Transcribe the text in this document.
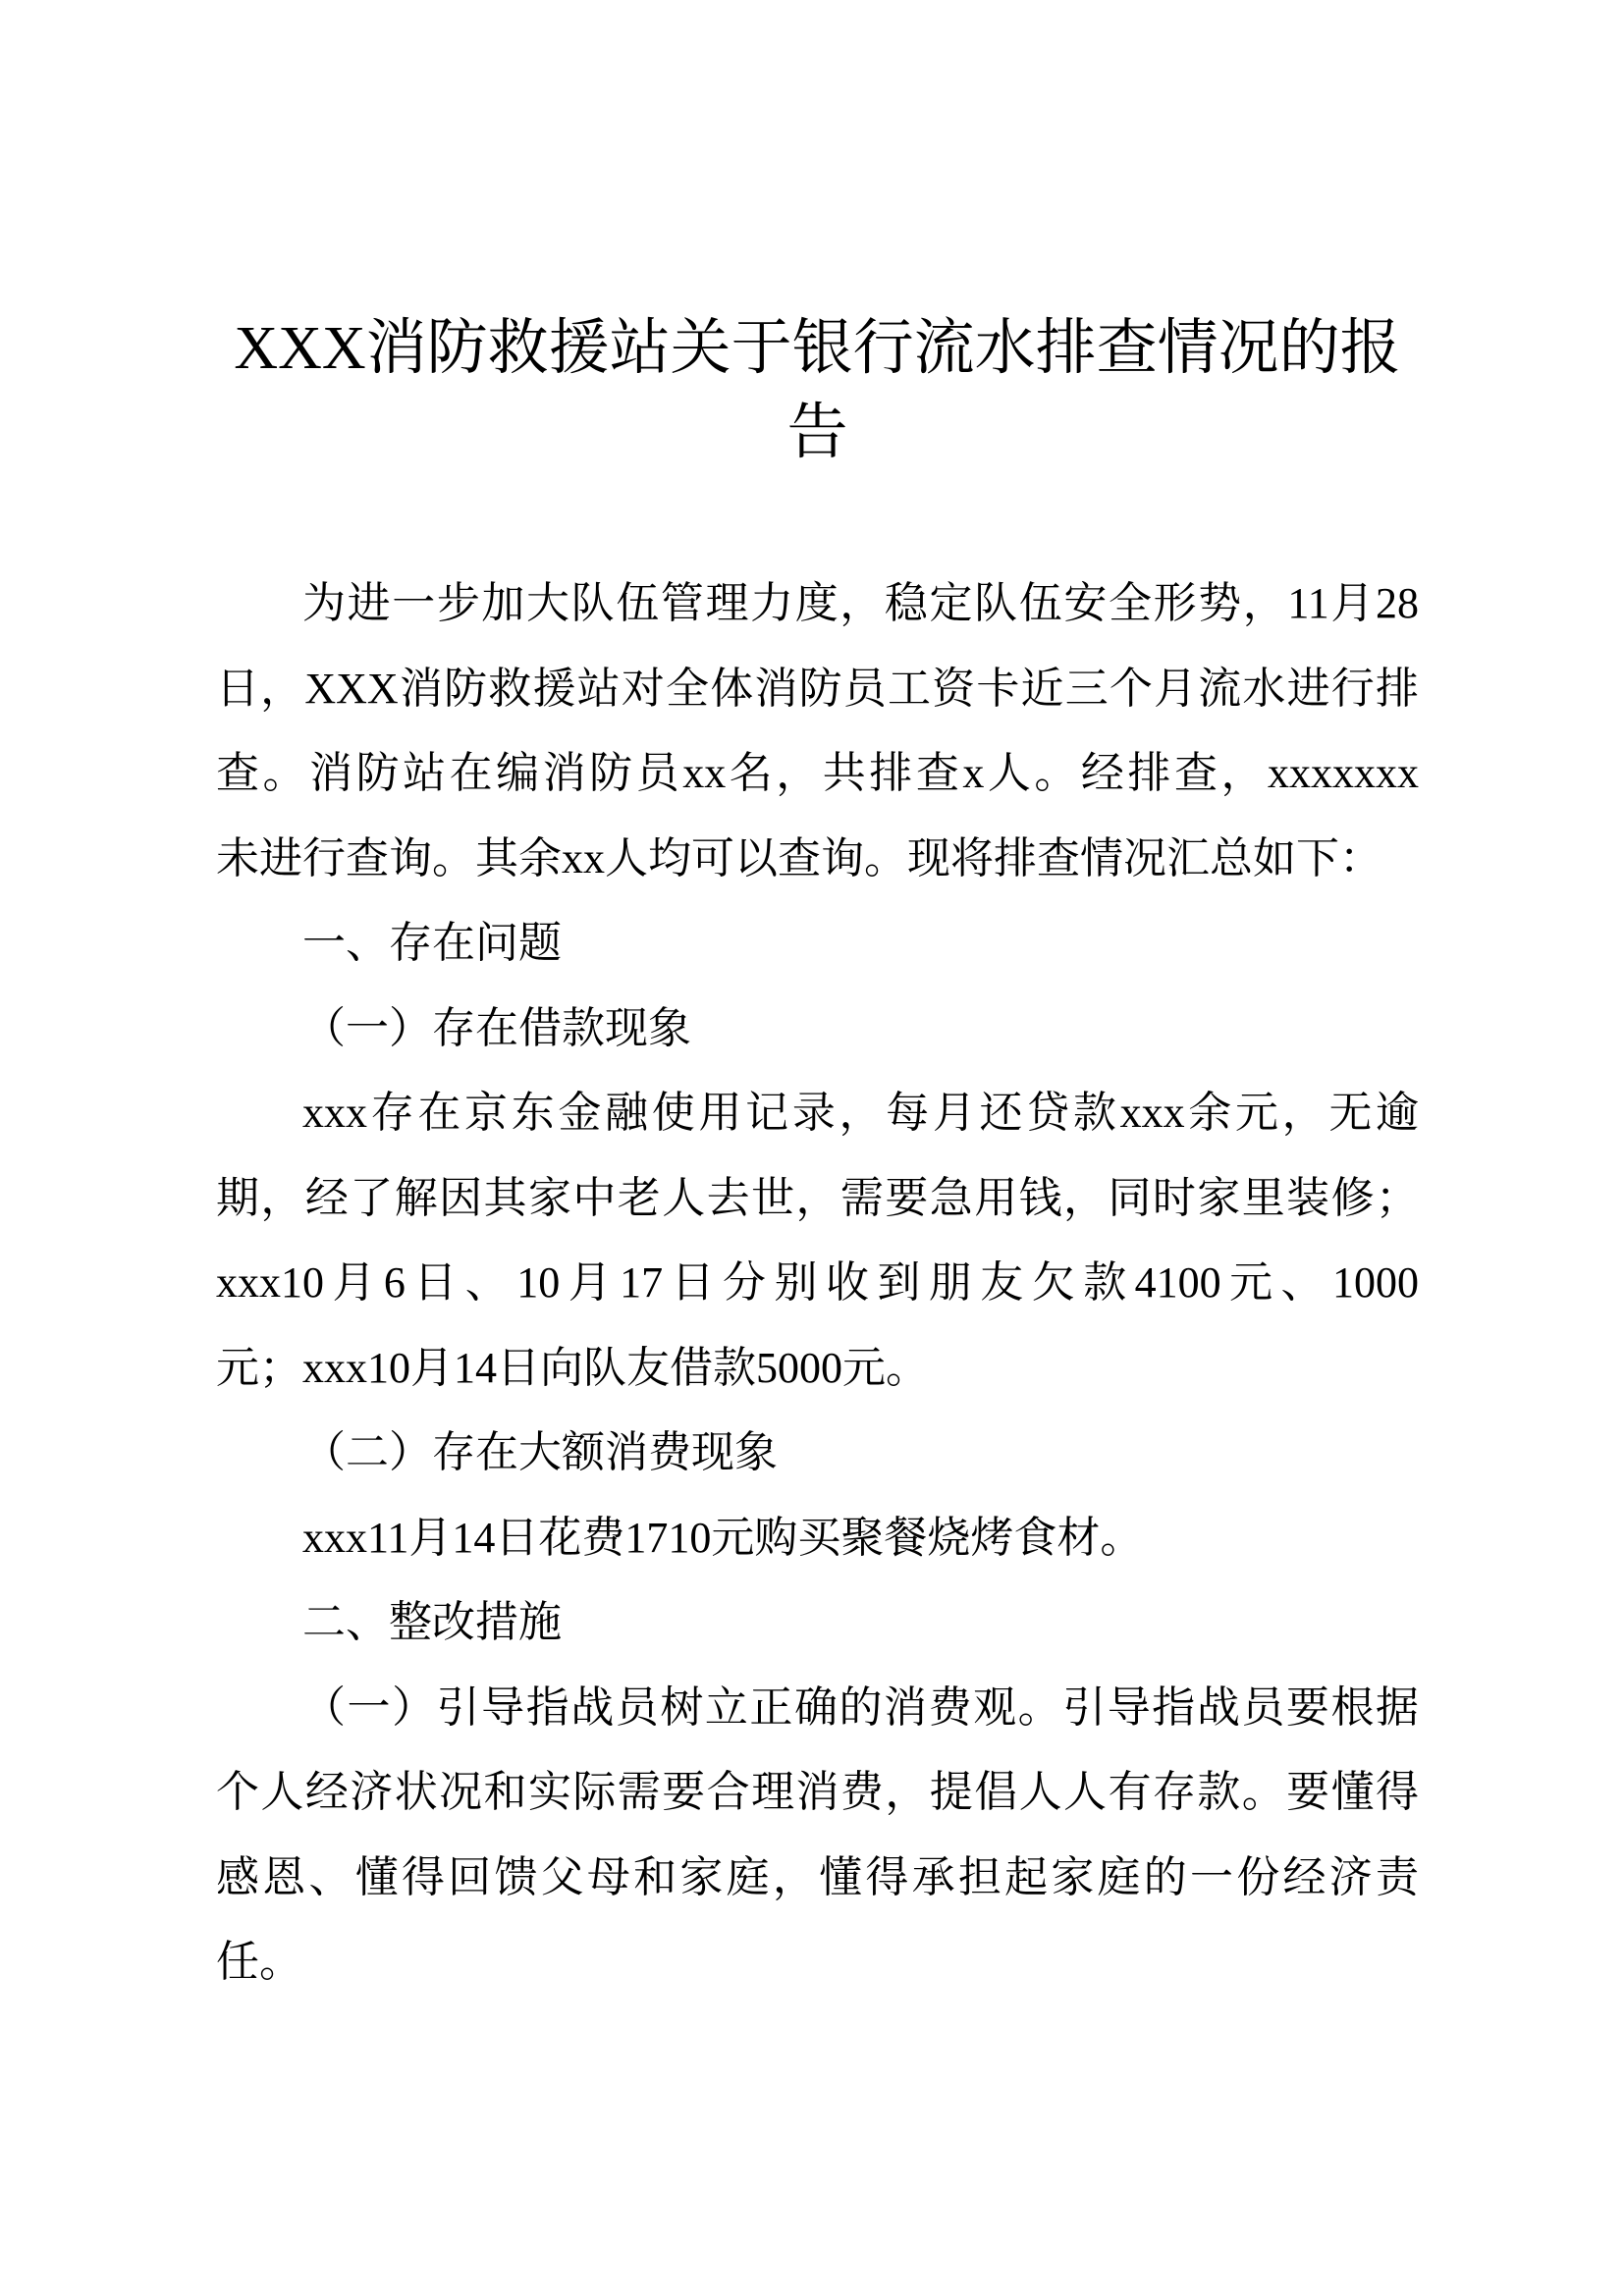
XXX消防救援站关于银行流水排查情况的报
告
为进一步加大队伍管理力度，稳定队伍安全形势，11月28
日，XXX消防救援站对全体消防员工资卡近三个月流水进行排
查。消防站在编消防员xx名，共排查x人。经排查，xxxxxxx
未进行查询。其余xx人均可以查询。现将排查情况汇总如下：
一、存在问题
（一）存在借款现象
xxx存在京东金融使用记录，每月还贷款xxx余元，无逾
期，经了解因其家中老人去世，需要急用钱，同时家里装修；
xxx10月6日、10月17日分别收到朋友欠款4100元、1000
元；xxx10月14日向队友借款5000元。
（二）存在大额消费现象
xxx11月14日花费1710元购买聚餐烧烤食材。
二、整改措施
（一）引导指战员树立正确的消费观。引导指战员要根据
个人经济状况和实际需要合理消费，提倡人人有存款。要懂得
感恩、懂得回馈父母和家庭，懂得承担起家庭的一份经济责
任。
